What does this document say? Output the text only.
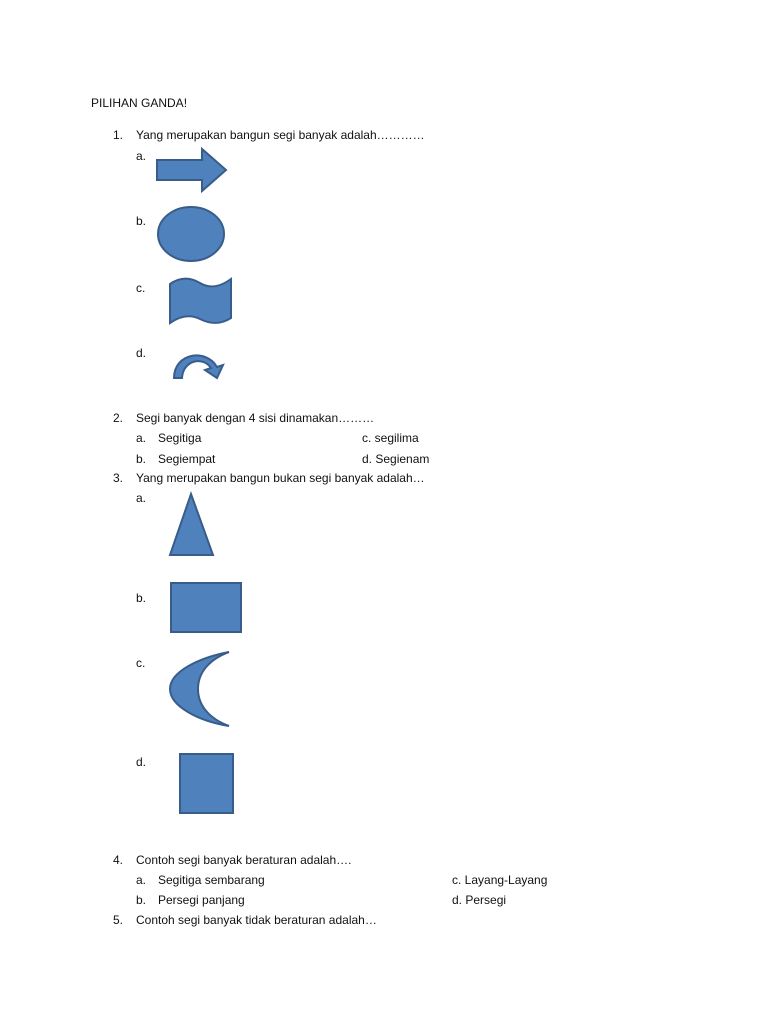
PILIHAN GANDA!
1. Yang merupakan bangun segi banyak adalah…………
a.
b.
c.
d.
2. Segi banyak dengan 4 sisi dinamakan………
a. Segitiga	c. segilima
b. Segiempat	d. Segienam
3. Yang merupakan bangun bukan segi banyak adalah…
a.
b.
c.
d.
4. Contoh segi banyak beraturan adalah….
a. Segitiga sembarang	c. Layang-Layang
b. Persegi panjang	d. Persegi
5. Contoh segi banyak tidak beraturan adalah…
